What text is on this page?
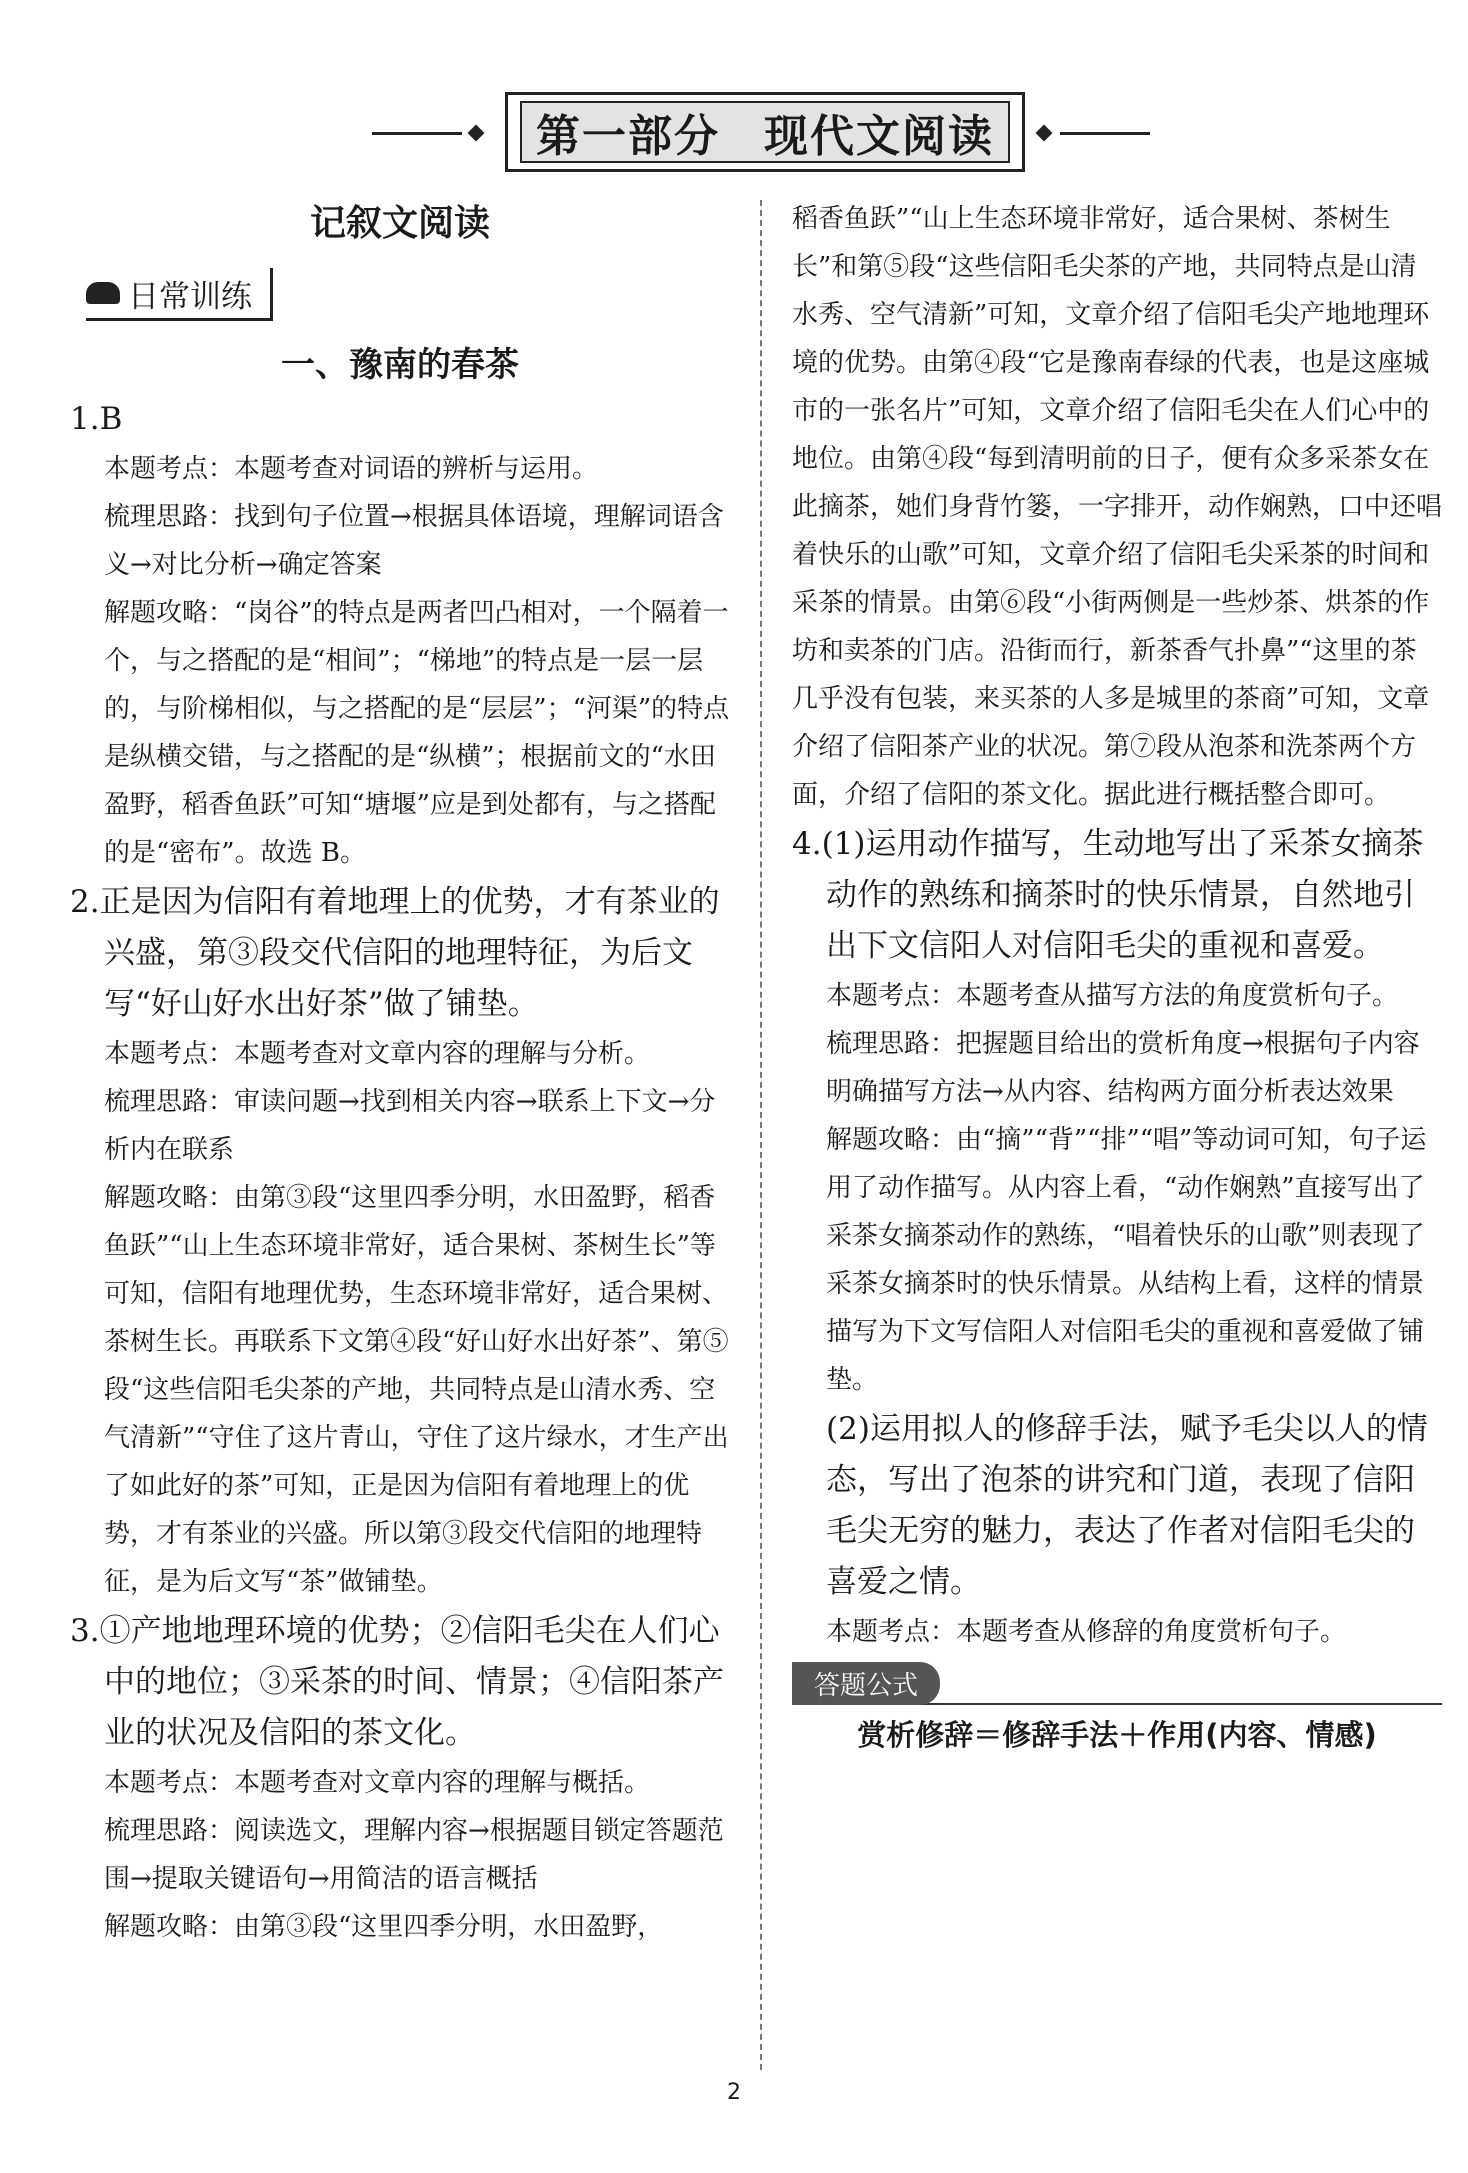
第一部分 现代文阅读
记叙文阅读
日常训练
一、豫南的春茶

1.B

本题考点：本题考查对词语的辨析与运用。

梳理思路：找到句子位置→根据具体语境，理解词语含义→对比分析→确定答案

解题攻略：“岗谷”的特点是两者凹凸相对，一个隔着一个，与之搭配的是“相间”；“梯地”的特点是一层一层的，与阶梯相似，与之搭配的是“层层”；“河渠”的特点是纵横交错，与之搭配的是“纵横”；根据前文的“水田盈野，稻香鱼跃”可知“塘堰”应是到处都有，与之搭配的是“密布”。故选 B。

2.正是因为信阳有着地理上的优势，才有茶业的兴盛，第③段交代信阳的地理特征，为后文写“好山好水出好茶”做了铺垫。

本题考点：本题考查对文章内容的理解与分析。

梳理思路：审读问题→找到相关内容→联系上下文→分析内在联系

解题攻略：由第③段“这里四季分明，水田盈野，稻香鱼跃”“山上生态环境非常好，适合果树、茶树生长”等可知，信阳有地理优势，生态环境非常好，适合果树、茶树生长。再联系下文第④段“好山好水出好茶”、第⑤段“这些信阳毛尖茶的产地，共同特点是山清水秀、空气清新”“守住了这片青山，守住了这片绿水，才生产出了如此好的茶”可知，正是因为信阳有着地理上的优势，才有茶业的兴盛。所以第③段交代信阳的地理特征，是为后文写“茶”做铺垫。

3.①产地地理环境的优势；②信阳毛尖在人们心中的地位；③采茶的时间、情景；④信阳茶产业的状况及信阳的茶文化。

本题考点：本题考查对文章内容的理解与概括。

梳理思路：阅读选文，理解内容→根据题目锁定答题范围→提取关键语句→用简洁的语言概括

解题攻略：由第③段“这里四季分明，水田盈野，

稻香鱼跃”“山上生态环境非常好，适合果树、茶树生长”和第⑤段“这些信阳毛尖茶的产地，共同特点是山清水秀、空气清新”可知，文章介绍了信阳毛尖产地地理环境的优势。由第④段“它是豫南春绿的代表，也是这座城市的一张名片”可知，文章介绍了信阳毛尖在人们心中的地位。由第④段“每到清明前的日子，便有众多采茶女在此摘茶，她们身背竹篓，一字排开，动作娴熟，口中还唱着快乐的山歌”可知，文章介绍了信阳毛尖采茶的时间和采茶的情景。由第⑥段“小街两侧是一些炒茶、烘茶的作坊和卖茶的门店。沿街而行，新茶香气扑鼻”“这里的茶几乎没有包装，来买茶的人多是城里的茶商”可知，文章介绍了信阳茶产业的状况。第⑦段从泡茶和洗茶两个方面，介绍了信阳的茶文化。据此进行概括整合即可。

4.(1)运用动作描写，生动地写出了采茶女摘茶动作的熟练和摘茶时的快乐情景，自然地引出下文信阳人对信阳毛尖的重视和喜爱。

本题考点：本题考查从描写方法的角度赏析句子。

梳理思路：把握题目给出的赏析角度→根据句子内容明确描写方法→从内容、结构两方面分析表达效果

解题攻略：由“摘”“背”“排”“唱”等动词可知，句子运用了动作描写。从内容上看，“动作娴熟”直接写出了采茶女摘茶动作的熟练，“唱着快乐的山歌”则表现了采茶女摘茶时的快乐情景。从结构上看，这样的情景描写为下文写信阳人对信阳毛尖的重视和喜爱做了铺垫。

(2)运用拟人的修辞手法，赋予毛尖以人的情态，写出了泡茶的讲究和门道，表现了信阳毛尖无穷的魅力，表达了作者对信阳毛尖的喜爱之情。

本题考点：本题考查从修辞的角度赏析句子。

答题公式
赏析修辞＝修辞手法＋作用(内容、情感)
2
